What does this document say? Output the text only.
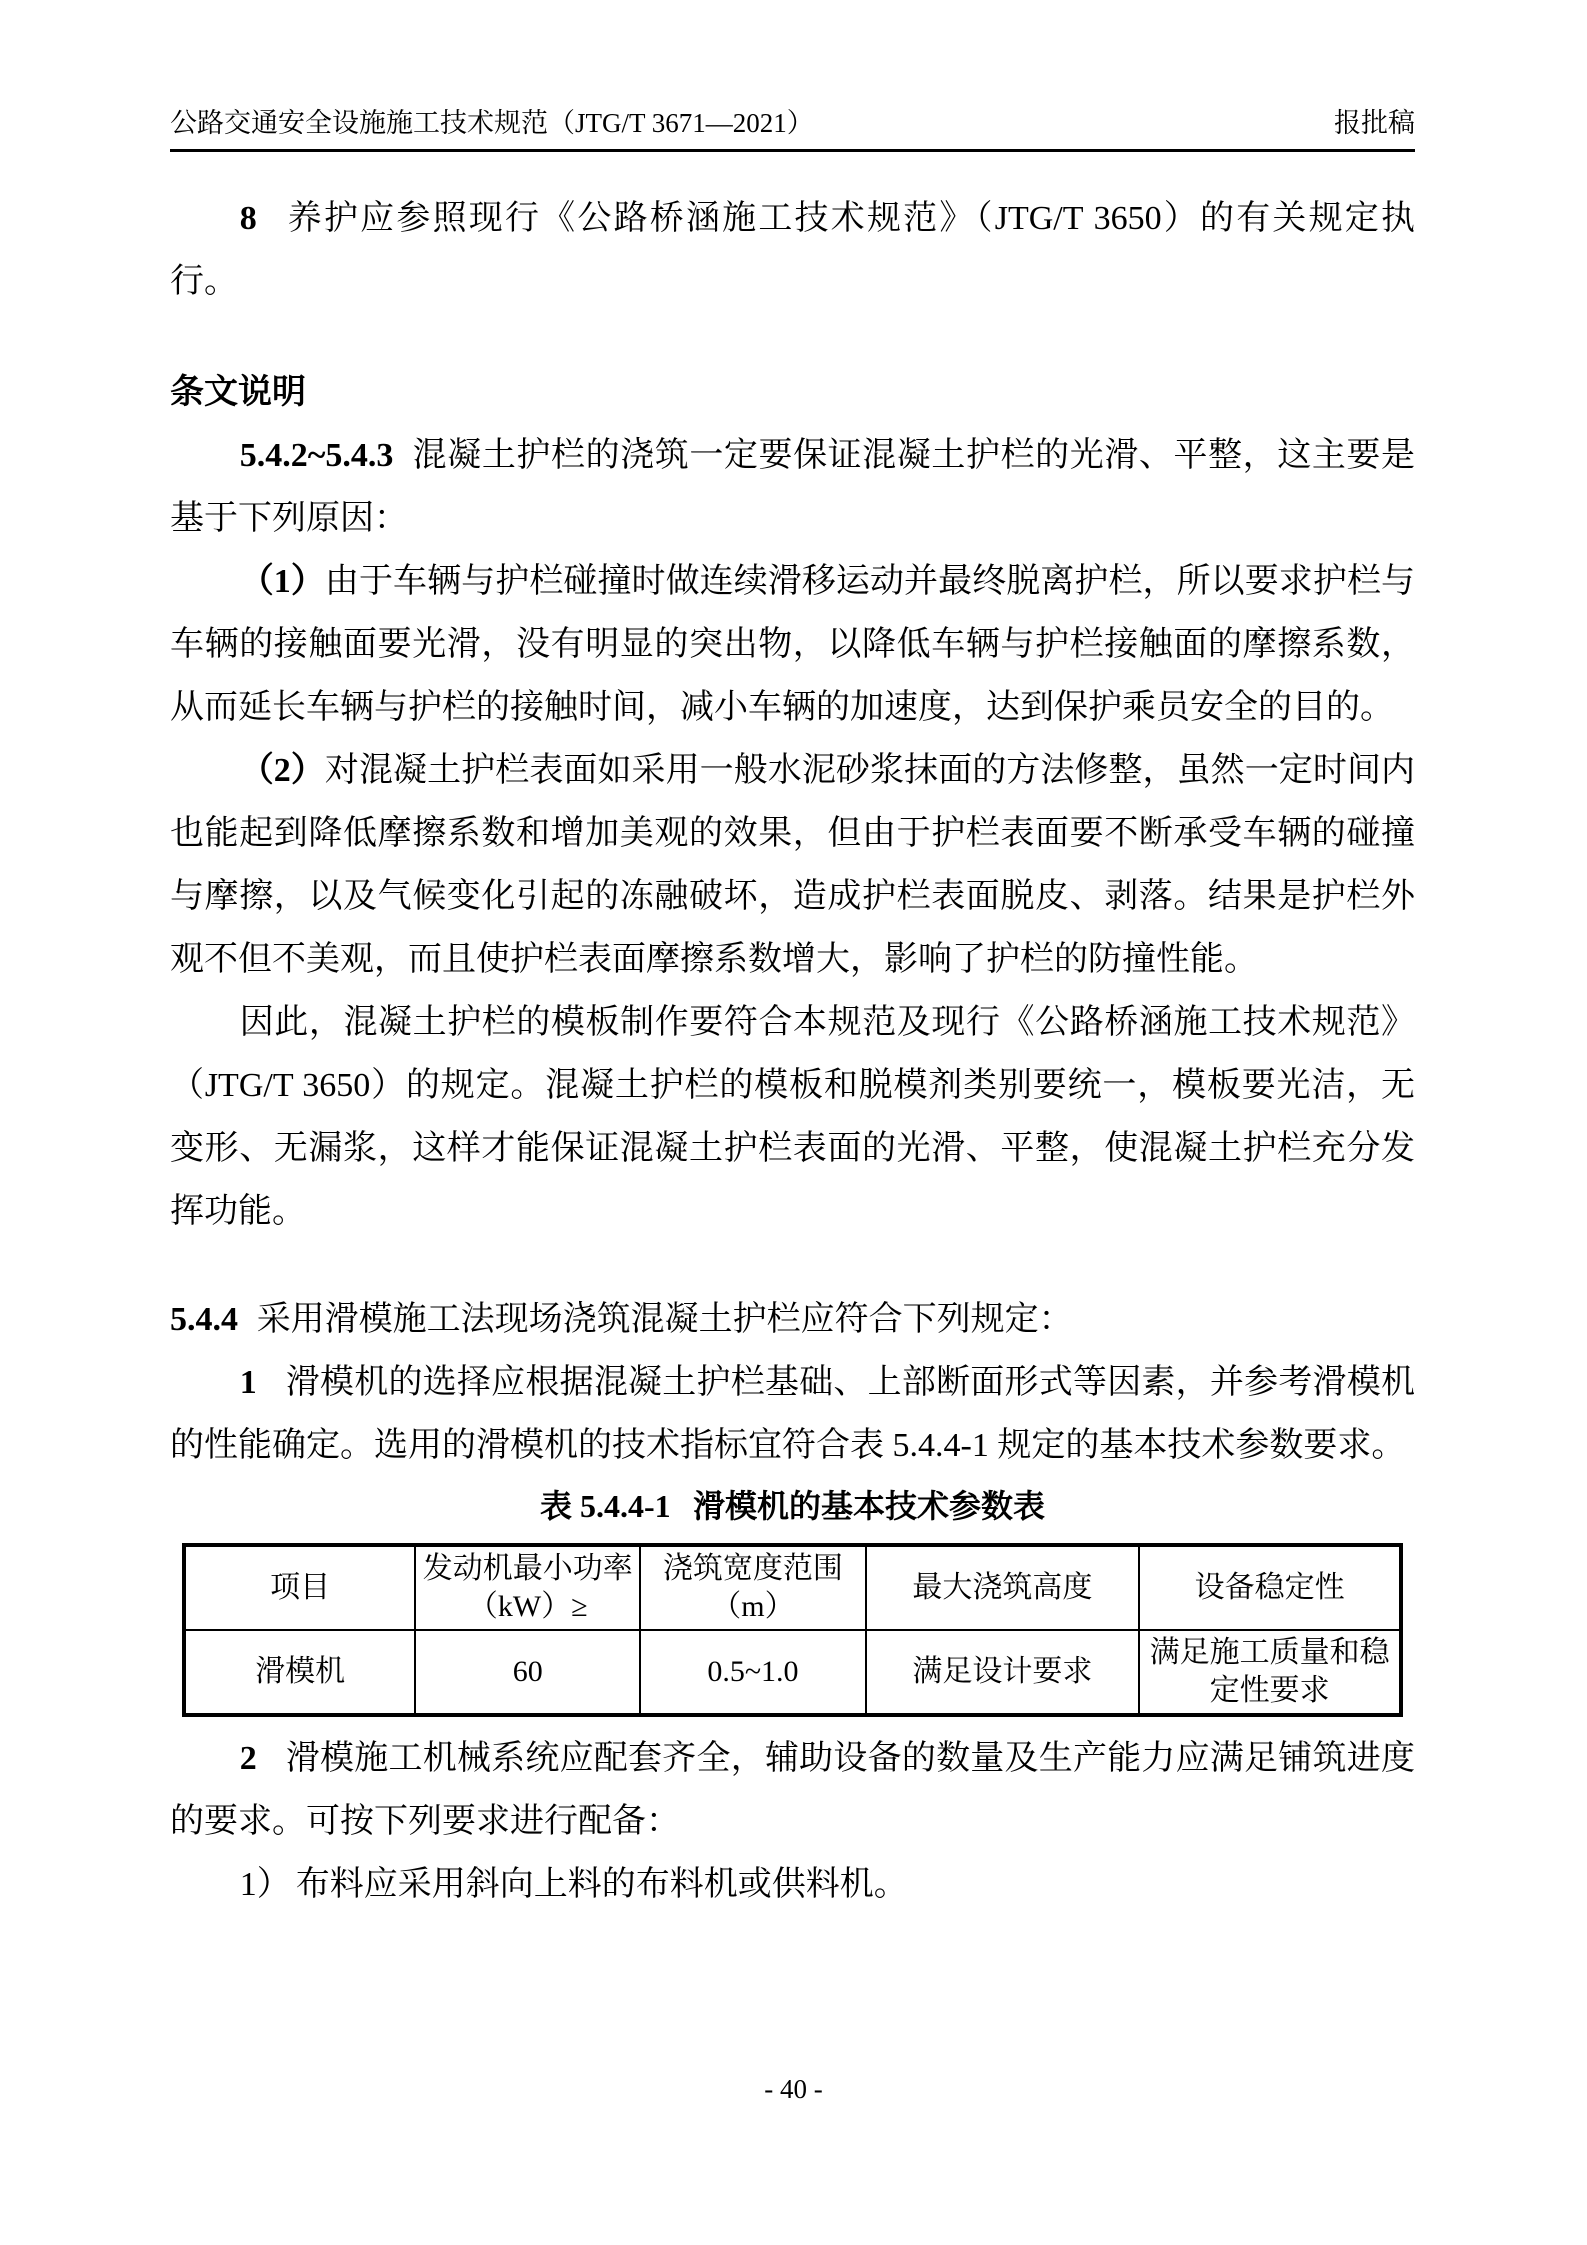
公路交通安全设施施工技术规范（JTG/T 3671—2021）	报批稿

8 养护应参照现行《公路桥涵施工技术规范》（JTG/T 3650）的有关规定执行。

条文说明

5.4.2~5.4.3 混凝土护栏的浇筑一定要保证混凝土护栏的光滑、平整，这主要是基于下列原因：

（1）由于车辆与护栏碰撞时做连续滑移运动并最终脱离护栏，所以要求护栏与车辆的接触面要光滑，没有明显的突出物，以降低车辆与护栏接触面的摩擦系数，从而延长车辆与护栏的接触时间，减小车辆的加速度，达到保护乘员安全的目的。

（2）对混凝土护栏表面如采用一般水泥砂浆抹面的方法修整，虽然一定时间内也能起到降低摩擦系数和增加美观的效果，但由于护栏表面要不断承受车辆的碰撞与摩擦，以及气候变化引起的冻融破坏，造成护栏表面脱皮、剥落。结果是护栏外观不但不美观，而且使护栏表面摩擦系数增大，影响了护栏的防撞性能。

因此，混凝土护栏的模板制作要符合本规范及现行《公路桥涵施工技术规范》（JTG/T 3650）的规定。混凝土护栏的模板和脱模剂类别要统一，模板要光洁，无变形、无漏浆，这样才能保证混凝土护栏表面的光滑、平整，使混凝土护栏充分发挥功能。

5.4.4 采用滑模施工法现场浇筑混凝土护栏应符合下列规定：

1 滑模机的选择应根据混凝土护栏基础、上部断面形式等因素，并参考滑模机的性能确定。选用的滑模机的技术指标宜符合表 5.4.4-1 规定的基本技术参数要求。

表 5.4.4-1 滑模机的基本技术参数表
项目	发动机最小功率（kW）≥	浇筑宽度范围（m）	最大浇筑高度	设备稳定性
滑模机	60	0.5~1.0	满足设计要求	满足施工质量和稳定性要求

2 滑模施工机械系统应配套齐全，辅助设备的数量及生产能力应满足铺筑进度的要求。可按下列要求进行配备：

1） 布料应采用斜向上料的布料机或供料机。

- 40 -
